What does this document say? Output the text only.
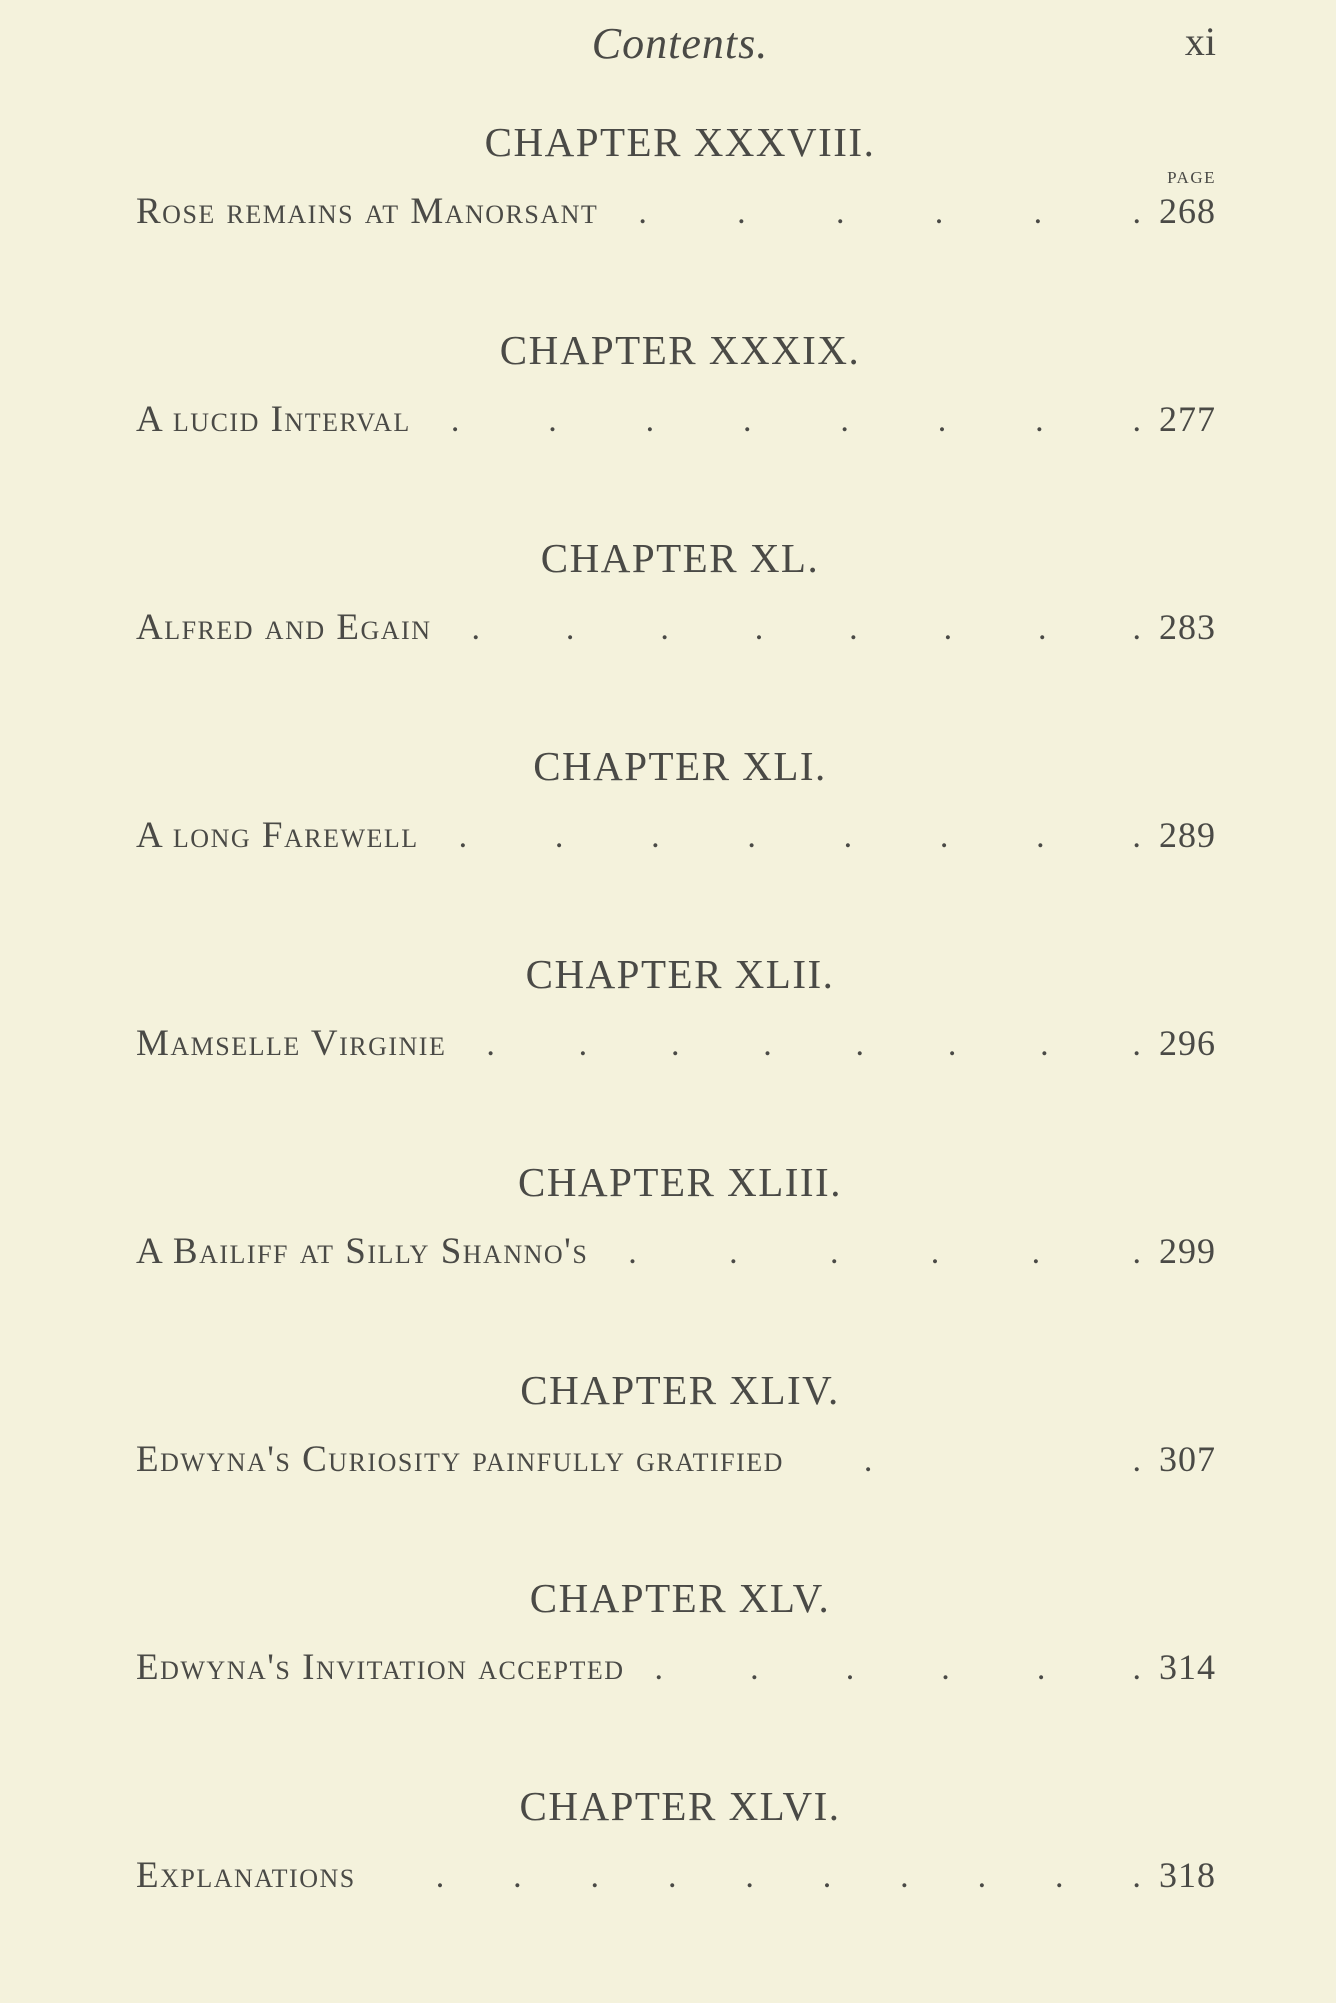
Contents.	xi
PAGE
CHAPTER XXXVIII.
Rose remains at Manorsant .	.	.	.	.	. 268
CHAPTER XXXIX.
A lucid Interval .	.	.	.	.	.	.	. 277
CHAPTER XL.
Alfred and Egain .	.	.	.	.	.	.	. 283
CHAPTER XLI.
A long Farewell .	.	.	.	.	.	.	. 289
CHAPTER XLII.
Mamselle Virginie . . . . . . . . 296
CHAPTER XLIII.
A Bailiff at Silly Shanno's .	.	.	.	.	. 299
CHAPTER XLIV.
Edwyna's Curiosity painfully gratified .	. 307
CHAPTER XLV.
Edwyna's Invitation accepted .	.	.	.	.	. 314
CHAPTER XLVI.
Explanations . . . . . . . . . . 318
